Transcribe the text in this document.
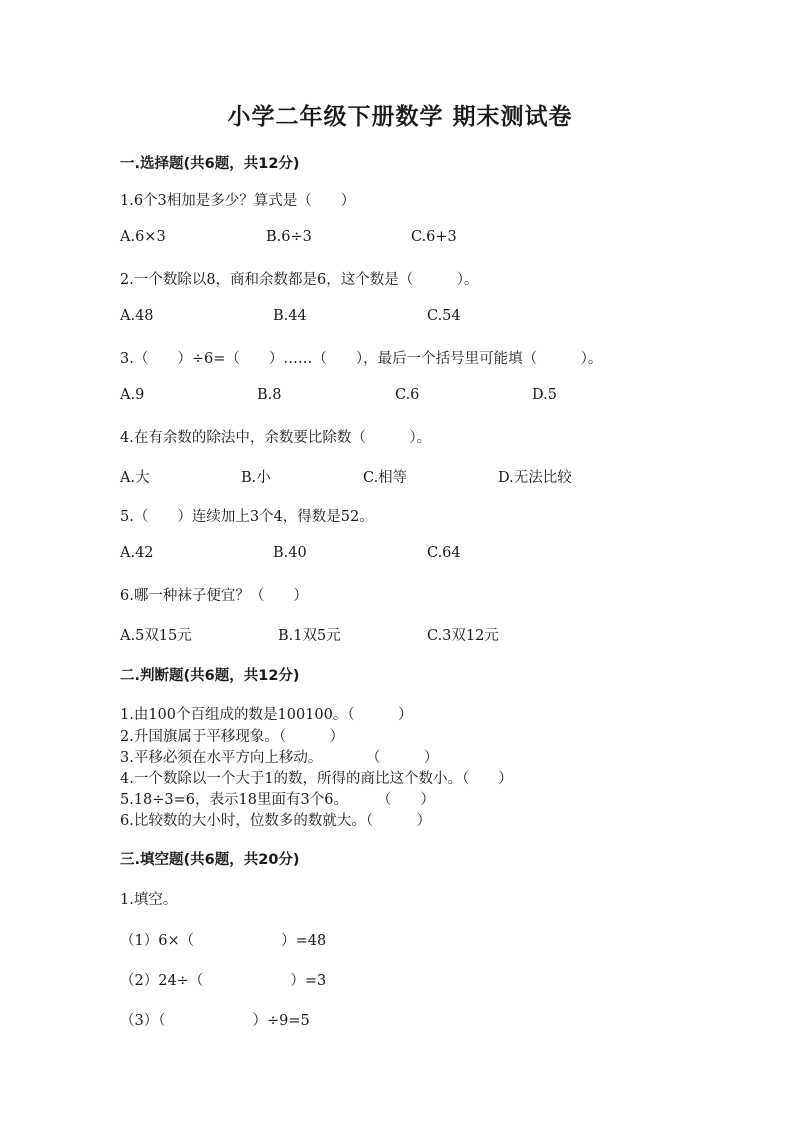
小学二年级下册数学 期末测试卷
一.选择题(共6题，共12分)
1.6个3相加是多少？算式是（　　）
A.6×3	B.6÷3	C.6+3
2.一个数除以8，商和余数都是6，这个数是（　　　）。
A.48	B.44	C.54
3.（　　）÷6=（　　）……（　　），最后一个括号里可能填（　　　）。
A.9	B.8	C.6	D.5
4.在有余数的除法中，余数要比除数（　　　）。
A.大	B.小	C.相等	D.无法比较
5.（　　）连续加上3个4，得数是52。
A.42	B.40	C.64
6.哪一种袜子便宜？（　　）
A.5双15元	B.1双5元	C.3双12元
二.判断题(共6题，共12分)
1.由100个百组成的数是100100。（　　　）
2.升国旗属于平移现象。（　　　）
3.平移必须在水平方向上移动。　　　　（　　　）
4.一个数除以一个大于1的数，所得的商比这个数小。（　　）
5.18÷3=6，表示18里面有3个6。　　　（　　）
6.比较数的大小时，位数多的数就大。（　　　）
三.填空题(共6题，共20分)
1.填空。
（1）6×（　　　　　　）=48
（2）24÷（　　　　　　）=3
（3）（　　　　　　）÷9=5
